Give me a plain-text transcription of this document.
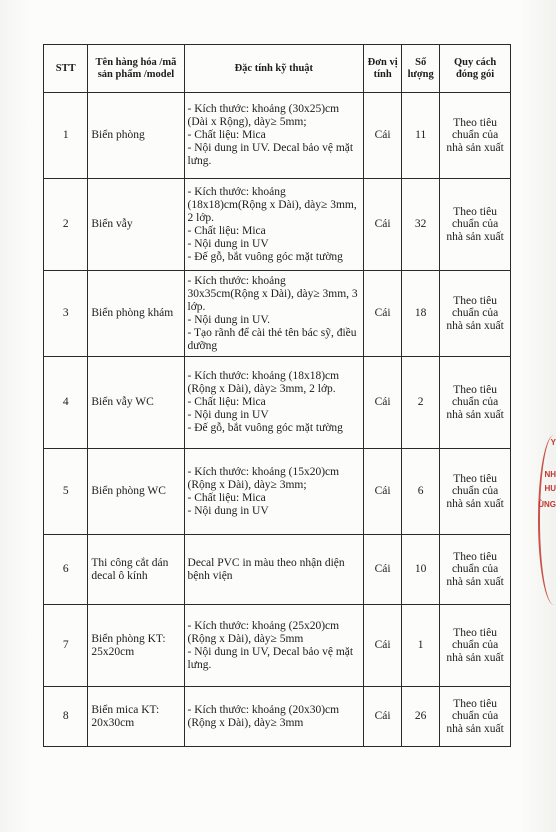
STT	Tên hàng hóa /mã sản phẩm /model	Đặc tính kỹ thuật	Đơn vị tính	Số lượng	Quy cách đóng gói
1	Biển phòng	- Kích thước: khoảng (30x25)cm (Dài x Rộng), dày≥ 5mm;
- Chất liệu: Mica
- Nội dung in UV. Decal bảo vệ mặt lưng.	Cái	11	Theo tiêu chuẩn của nhà sản xuất
2	Biển vẫy	- Kích thước: khoảng (18x18)cm(Rộng x Dài), dày≥ 3mm, 2 lớp.
- Chất liệu: Mica
- Nội dung in UV
- Đế gỗ, bắt vuông góc mặt tường	Cái	32	Theo tiêu chuẩn của nhà sản xuất
3	Biển phòng khám	- Kích thước: khoảng 30x35cm(Rộng x Dài), dày≥ 3mm, 3 lớp.
- Nội dung in UV.
- Tạo rãnh để cài thẻ tên bác sỹ, điều dưỡng	Cái	18	Theo tiêu chuẩn của nhà sản xuất
4	Biển vẫy WC	- Kích thước: khoảng (18x18)cm (Rộng x Dài), dày≥ 3mm, 2 lớp.
- Chất liệu: Mica
- Nội dung in UV
- Đế gỗ, bắt vuông góc mặt tường	Cái	2	Theo tiêu chuẩn của nhà sản xuất
5	Biển phòng WC	- Kích thước: khoảng (15x20)cm (Rộng x Dài), dày≥ 3mm;
- Chất liệu: Mica
- Nội dung in UV	Cái	6	Theo tiêu chuẩn của nhà sản xuất
6	Thi công cắt dán decal ô kính	Decal PVC in màu theo nhận diện bệnh viện	Cái	10	Theo tiêu chuẩn của nhà sản xuất
7	Biển phòng KT: 25x20cm	- Kích thước: khoảng (25x20)cm (Rộng x Dài), dày≥ 5mm
- Nội dung in UV, Decal bảo vệ mặt lưng.	Cái	1	Theo tiêu chuẩn của nhà sản xuất
8	Biển mica KT: 20x30cm	- Kích thước: khoảng (20x30)cm (Rộng x Dài), dày≥ 3mm	Cái	26	Theo tiêu chuẩn của nhà sản xuất
Y
NH
HU
ÙNG
